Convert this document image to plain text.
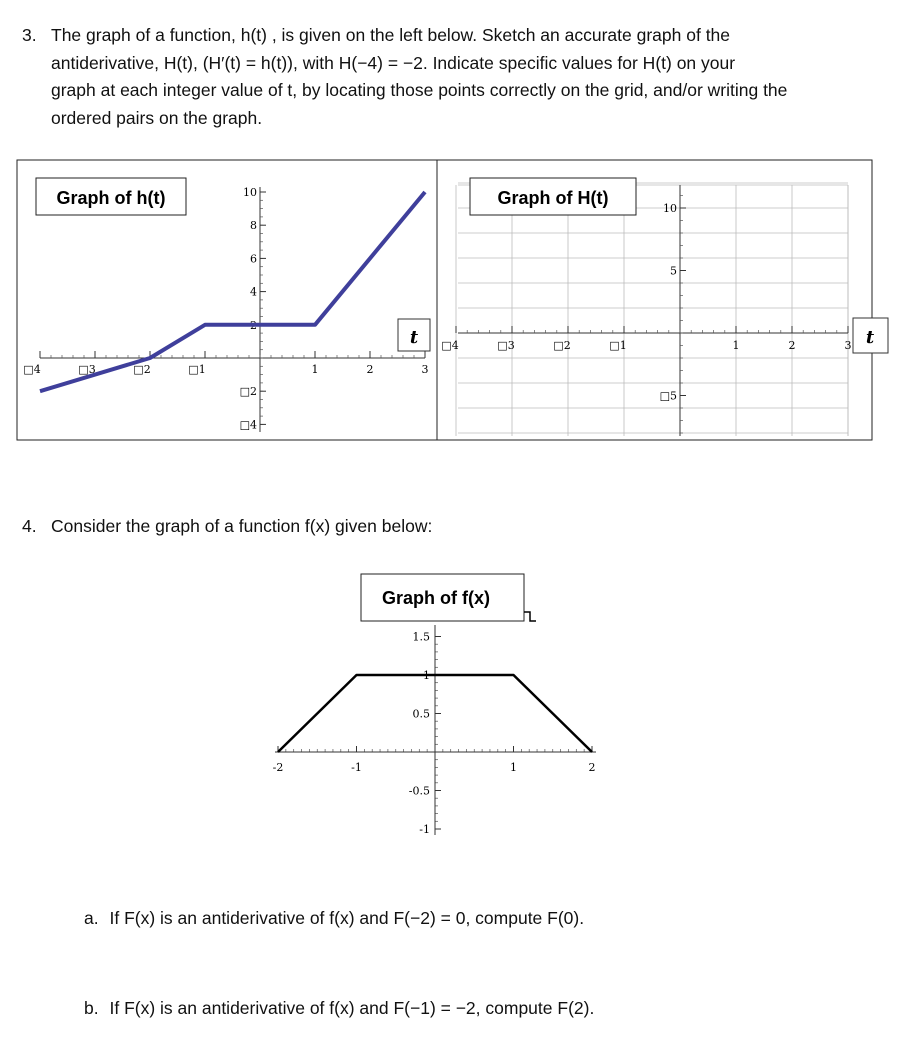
3. The graph of a function, h(t) , is given on the left below. Sketch an accurate graph of the
antiderivative, H(t), (H′(t) = h(t)), with H(−4) = −2. Indicate specific values for H(t) on your
graph at each integer value of t, by locating those points correctly on the grid, and/or writing the
ordered pairs on the graph.
□4	□3	□2	□1	1	2	3
10
8
6
4
2
□2
□4
Graph of h(t)
t □4	□3	□2	□1	1	2	3
10
5
□5
Graph of H(t)
t
4. Consider the graph of a function f(x) given below:
-2	-1	1	2
1.5
1
0.5
-0.5
-1
Graph of f(x)
a. If F(x) is an antiderivative of f(x) and F(−2) = 0, compute F(0).
b. If F(x) is an antiderivative of f(x) and F(−1) = −2, compute F(2).
